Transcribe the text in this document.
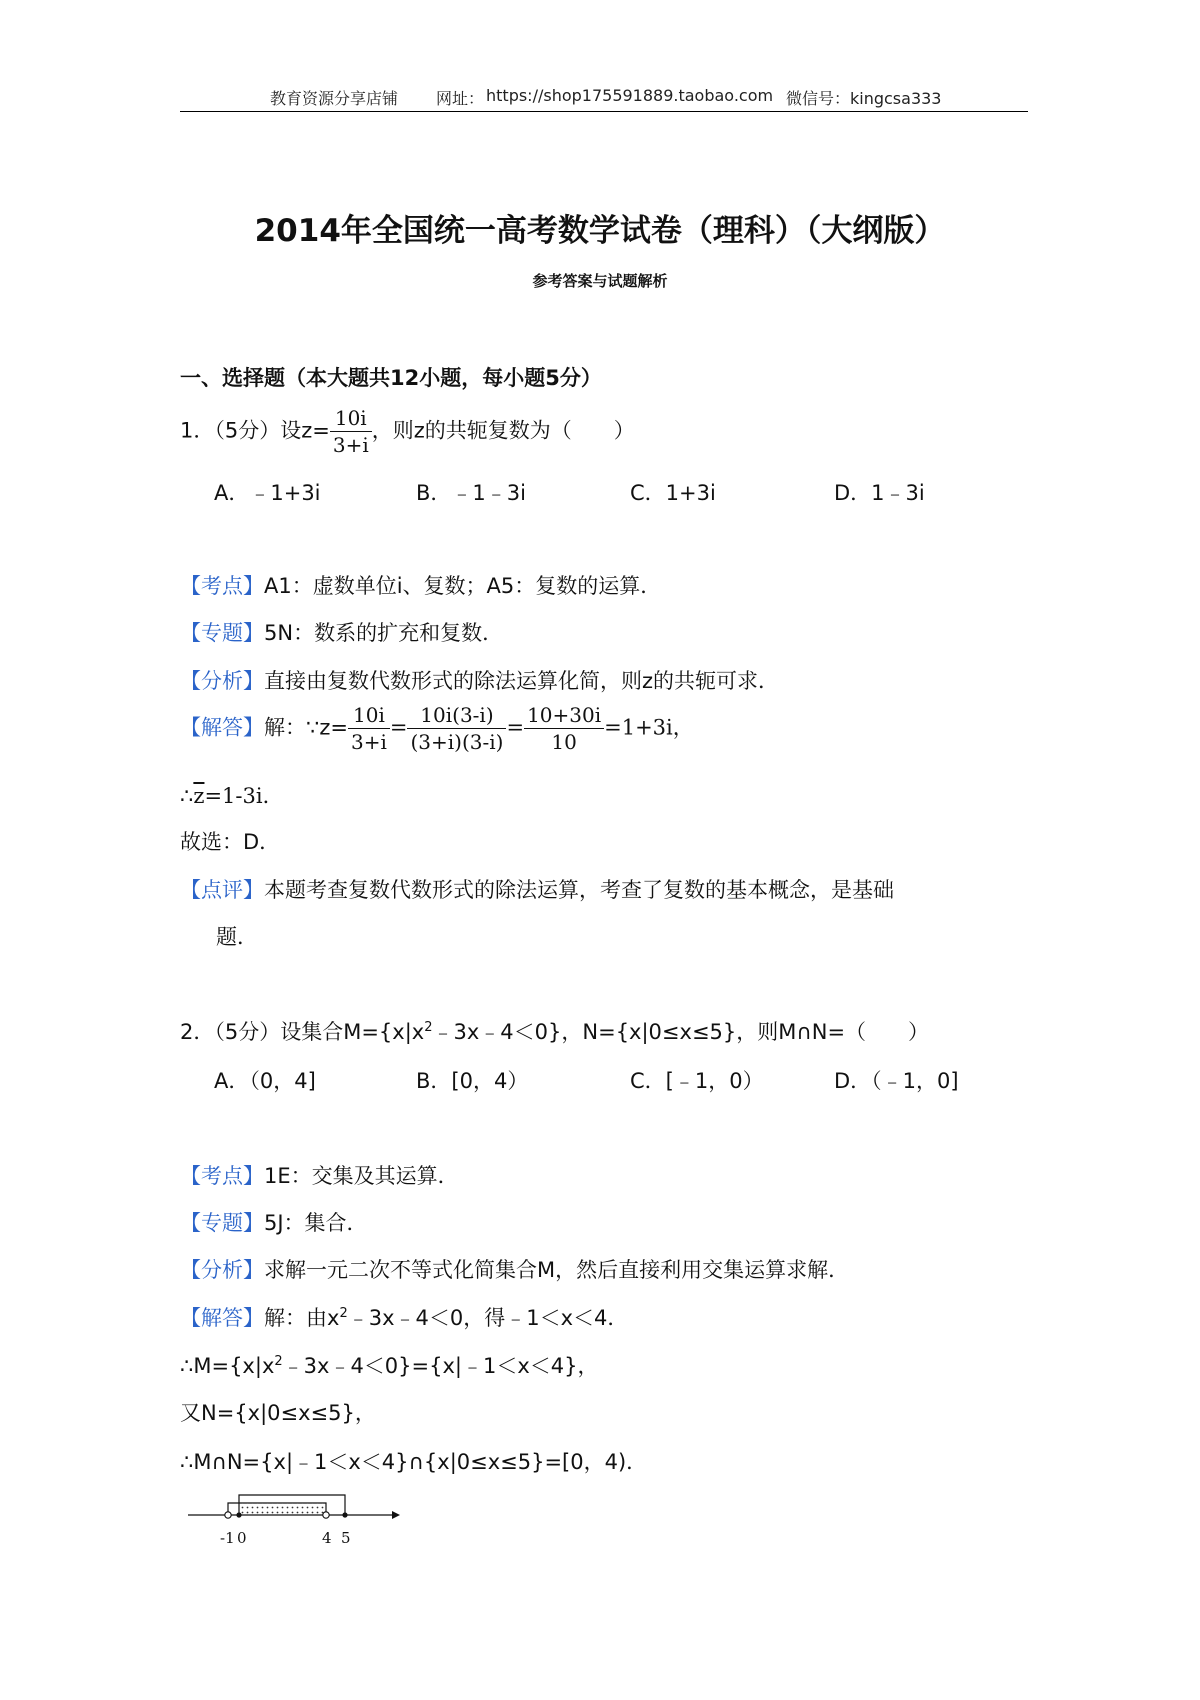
教育资源分享店铺 网址： https://shop175591889.taobao.com 微信号：kingcsa333
2014年全国统一高考数学试卷（理科）（大纲版）
参考答案与试题解析
一、选择题（本大题共12小题，每小题5分）
1．（5分）设$z= \frac{10i}{3+i}$ ，则z的共轭复数为（　　）
A．﹣1+3i	B．﹣1﹣3i	C．1+3i	D．1﹣3i
【考点】A1：虚数单位i、复数；A5：复数的运算．
【专题】5N：数系的扩充和复数．
【分析】直接由复数代数形式的除法运算化简，则z的共轭可求．
【解答】解：∵z= $\frac{10i}{3+i} = \frac{10i(3-i)}{(3+i)(3-i)} = \frac{10+30i}{10} =1+3i$，
$\therefore\overline{z}=1-3i$．
故选：D．
【点评】本题考查复数代数形式的除法运算，考查了复数的基本概念，是基础
题．
2．（5分）设集合$M=\{x|x^2﹣3x﹣4<0\}$，N={x|0≤x≤5}，则M∩N=（　　）
A．（0，4]	B．[0，4）	C．[﹣1，0）	D．（﹣1，0]
【考点】1E：交集及其运算．
【专题】5J：集合．
【分析】求解一元二次不等式化简集合M，然后直接利用交集运算求解．
【解答】解：由$x^2﹣3x﹣4<0$，得﹣1＜x＜4．
$\therefore M=\{x|x^2﹣3x﹣4<0\}=\{x|﹣1<x<4\}$，
又N={x|0≤x≤5}，
∴M∩N={x|﹣1＜x＜4}∩{x|0≤x≤5}=[0，4)．
-1 0	4 5
